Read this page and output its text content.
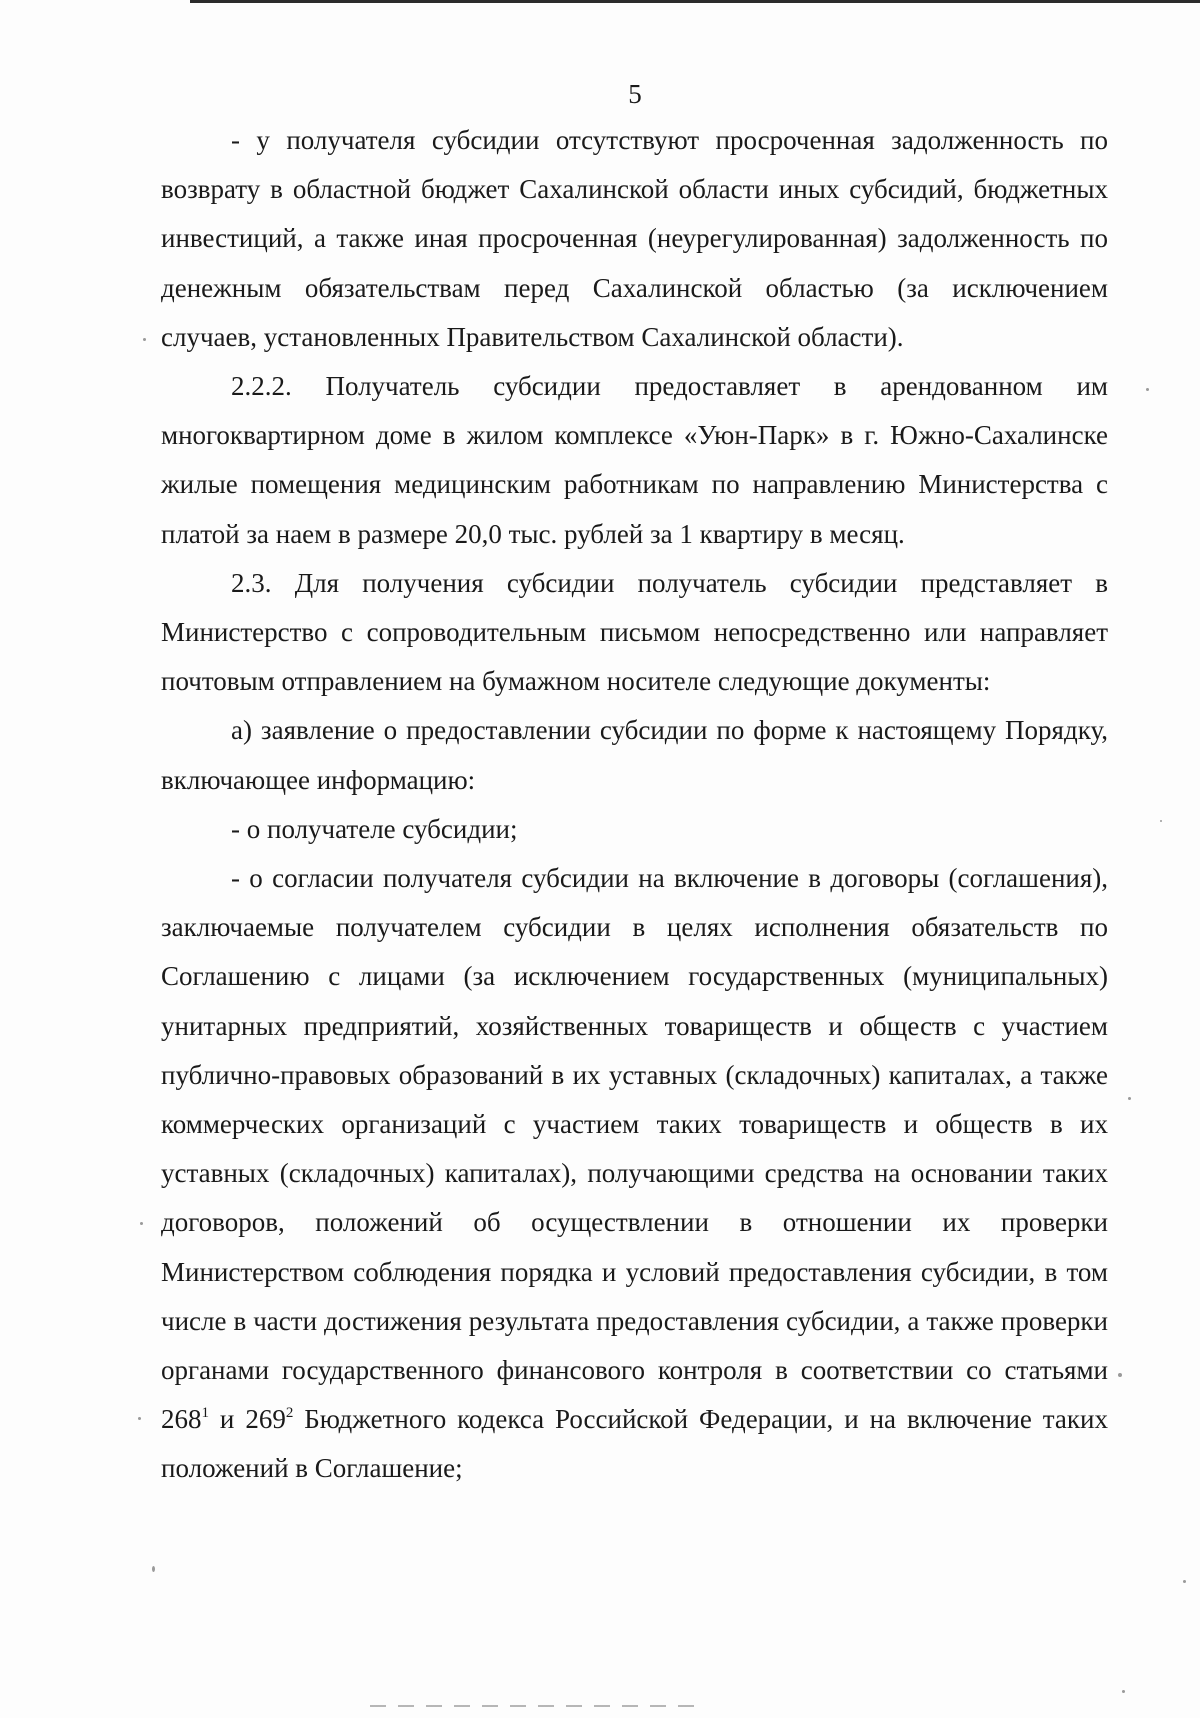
5

- у получателя субсидии отсутствуют просроченная задолженность по возврату в областной бюджет Сахалинской области иных субсидий, бюджетных инвестиций, а также иная просроченная (неурегулированная) задолженность по денежным обязательствам перед Сахалинской областью (за исключением случаев, установленных Правительством Сахалинской области).

2.2.2. Получатель субсидии предоставляет в арендованном им многоквартирном доме в жилом комплексе «Уюн-Парк» в г. Южно-Сахалинске жилые помещения медицинским работникам по направлению Министерства с платой за наем в размере 20,0 тыс. рублей за 1 квартиру в месяц.

2.3. Для получения субсидии получатель субсидии представляет в Министерство с сопроводительным письмом непосредственно или направляет почтовым отправлением на бумажном носителе следующие документы:

а) заявление о предоставлении субсидии по форме к настоящему Порядку, включающее информацию:

- о получателе субсидии;

- о согласии получателя субсидии на включение в договоры (соглашения), заключаемые получателем субсидии в целях исполнения обязательств по Соглашению с лицами (за исключением государственных (муниципальных) унитарных предприятий, хозяйственных товариществ и обществ с участием публично-правовых образований в их уставных (складочных) капиталах, а также коммерческих организаций с участием таких товариществ и обществ в их уставных (складочных) капиталах), получающими средства на основании таких договоров, положений об осуществлении в отношении их проверки Министерством соблюдения порядка и условий предоставления субсидии, в том числе в части достижения результата предоставления субсидии, а также проверки органами государственного финансового контроля в соответствии со статьями $268^1$ и $269^2$ Бюджетного кодекса Российской Федерации, и на включение таких положений в Соглашение;
